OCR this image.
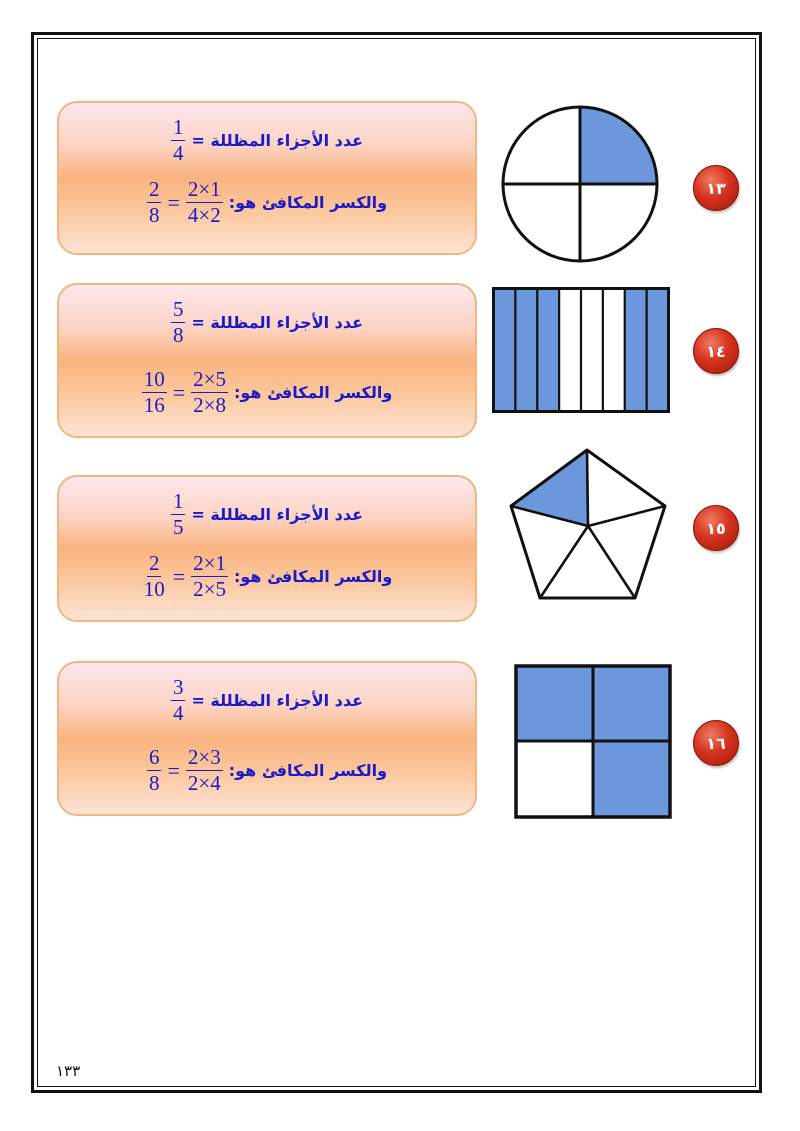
عدد الأجزاء المظللة =
$\frac{1}{4}$
والكسر المكافئ هو:
$\frac{2\times 1}{4\times 2}$
=
$\frac{2}{8}$	١٣
عدد الأجزاء المظللة =
$\frac{5}{8}$
والكسر المكافئ هو:
$\frac{2\times 5}{2\times 8}$
=
$\frac{10}{16}$
١٤
عدد الأجزاء المظللة =
$\frac{1}{5}$
والكسر المكافئ هو:
$\frac{2\times 1}{2\times 5}$
=
$\frac{2}{10}$
١٥
عدد الأجزاء المظللة =
$\frac{3}{4}$
والكسر المكافئ هو:
$\frac{2\times 3}{2\times 4}$
=
$\frac{6}{8}$
١٦
١٣٣
